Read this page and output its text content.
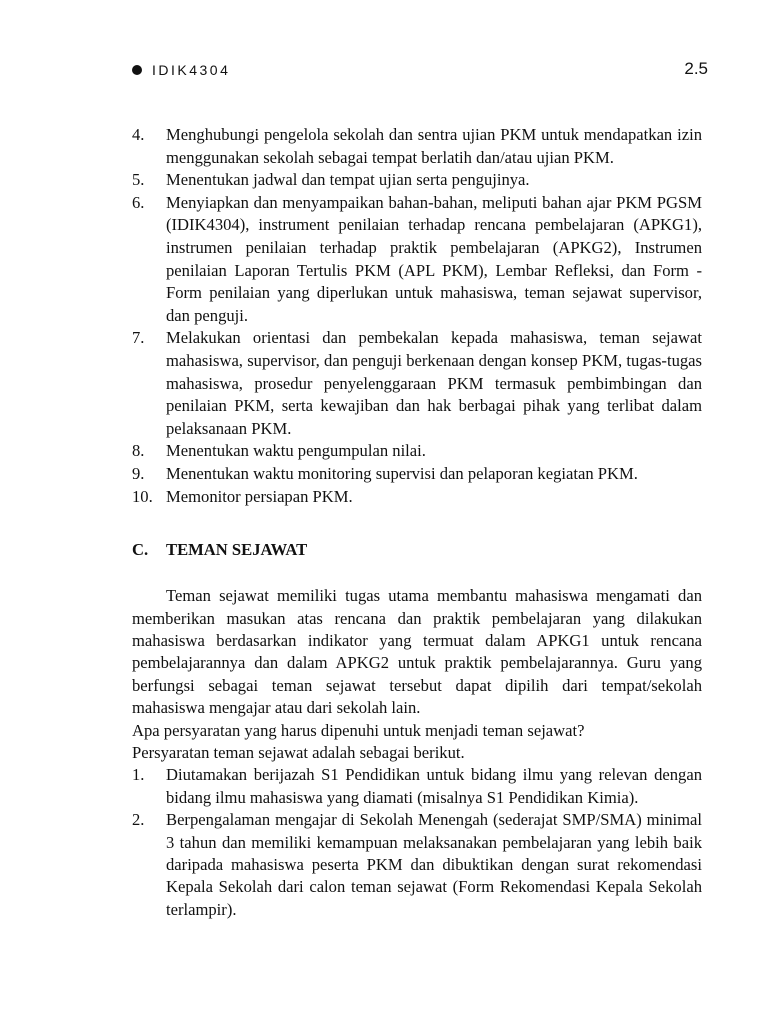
IDIK4304	2.5
4. Menghubungi pengelola sekolah dan sentra ujian PKM untuk mendapatkan izin menggunakan sekolah sebagai tempat berlatih dan/atau ujian PKM.
5. Menentukan jadwal dan tempat ujian serta pengujinya.
6. Menyiapkan dan menyampaikan bahan-bahan, meliputi bahan ajar PKM PGSM (IDIK4304), instrument penilaian terhadap rencana pembelajaran (APKG1), instrumen penilaian terhadap praktik pembelajaran (APKG2), Instrumen penilaian Laporan Tertulis PKM (APL PKM), Lembar Refleksi, dan Form - Form penilaian yang diperlukan untuk mahasiswa, teman sejawat supervisor, dan penguji.
7. Melakukan orientasi dan pembekalan kepada mahasiswa, teman sejawat mahasiswa, supervisor, dan penguji berkenaan dengan konsep PKM, tugas-tugas mahasiswa, prosedur penyelenggaraan PKM termasuk pembimbingan dan penilaian PKM, serta kewajiban dan hak berbagai pihak yang terlibat dalam pelaksanaan PKM.
8. Menentukan waktu pengumpulan nilai.
9. Menentukan waktu monitoring supervisi dan pelaporan kegiatan PKM.
10. Memonitor persiapan PKM.
C. TEMAN SEJAWAT

Teman sejawat memiliki tugas utama membantu mahasiswa mengamati dan memberikan masukan atas rencana dan praktik pembelajaran yang dilakukan mahasiswa berdasarkan indikator yang termuat dalam APKG1 untuk rencana pembelajarannya dan dalam APKG2 untuk praktik pembelajarannya. Guru yang berfungsi sebagai teman sejawat tersebut dapat dipilih dari tempat/sekolah mahasiswa mengajar atau dari sekolah lain.

Apa persyaratan yang harus dipenuhi untuk menjadi teman sejawat?

Persyaratan teman sejawat adalah sebagai berikut.

1. Diutamakan berijazah S1 Pendidikan untuk bidang ilmu yang relevan dengan bidang ilmu mahasiswa yang diamati (misalnya S1 Pendidikan Kimia).
2. Berpengalaman mengajar di Sekolah Menengah (sederajat SMP/SMA) minimal 3 tahun dan memiliki kemampuan melaksanakan pembelajaran yang lebih baik daripada mahasiswa peserta PKM dan dibuktikan dengan surat rekomendasi Kepala Sekolah dari calon teman sejawat (Form Rekomendasi Kepala Sekolah terlampir).
